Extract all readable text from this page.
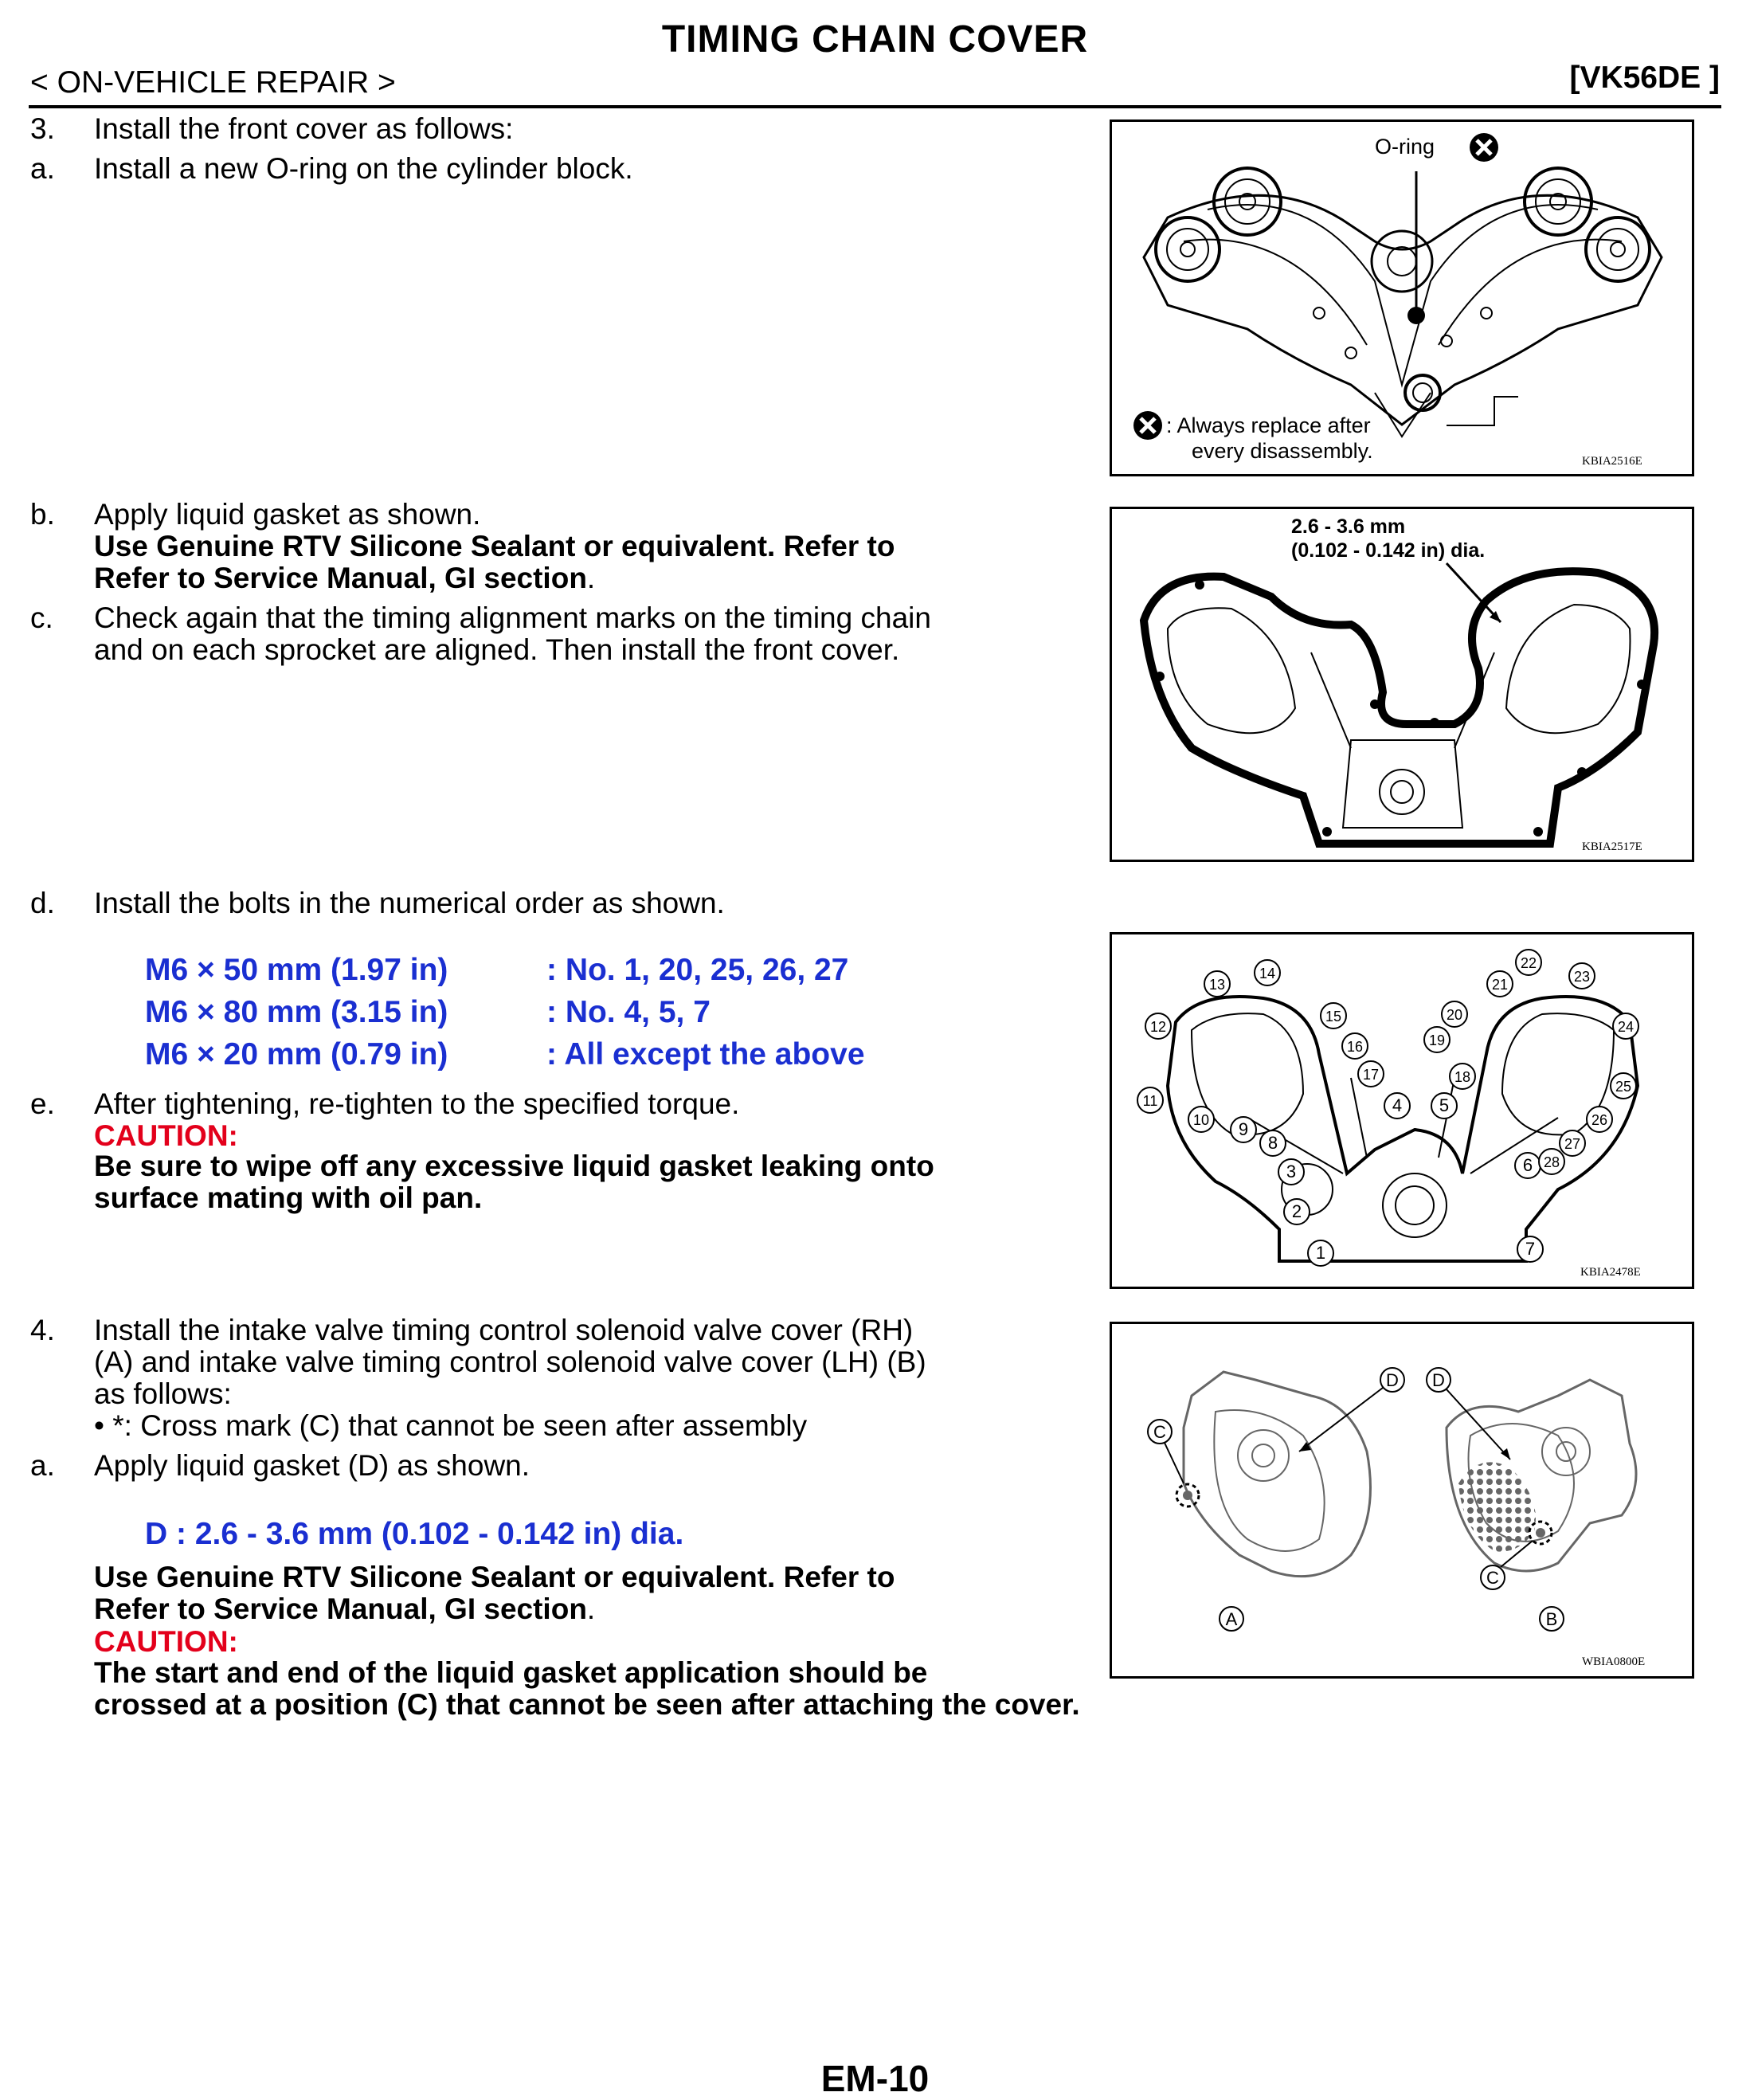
TIMING CHAIN COVER
< ON-VEHICLE REPAIR >	[VK56DE ]
3. Install the front cover as follows:
a. Install a new O-ring on the cylinder block.
b. Apply liquid gasket as shown.
Use Genuine RTV Silicone Sealant or equivalent. Refer to
Refer to Service Manual, GI section.
c. Check again that the timing alignment marks on the timing chain
and on each sprocket are aligned. Then install the front cover.
d. Install the bolts in the numerical order as shown.
M6 × 50 mm (1.97 in)	: No. 1, 20, 25, 26, 27
M6 × 80 mm (3.15 in)	: No. 4, 5, 7
M6 × 20 mm (0.79 in)	: All except the above
e. After tightening, re-tighten to the specified torque.
CAUTION:
Be sure to wipe off any excessive liquid gasket leaking onto
surface mating with oil pan.
4. Install the intake valve timing control solenoid valve cover (RH)
(A) and intake valve timing control solenoid valve cover (LH) (B)
as follows:
• *: Cross mark (C) that cannot be seen after assembly
a. Apply liquid gasket (D) as shown.
D : 2.6 - 3.6 mm (0.102 - 0.142 in) dia.
Use Genuine RTV Silicone Sealant or equivalent. Refer to
Refer to Service Manual, GI section.
CAUTION:
The start and end of the liquid gasket application should be
crossed at a position (C) that cannot be seen after attaching the cover.
O-ring
: Always replace after
every disassembly.	KBIA2516E
2.6 - 3.6 mm
(0.102 - 0.142 in) dia.
KBIA2517E
1
2
3
4 5
6
7
8
9
10
11
12
13
14
15
16
17	18
19
20
21
22
23
24
25
26
27
28
KBIA2478E
C
D D
C
A	B
WBIA0800E
EM-10
